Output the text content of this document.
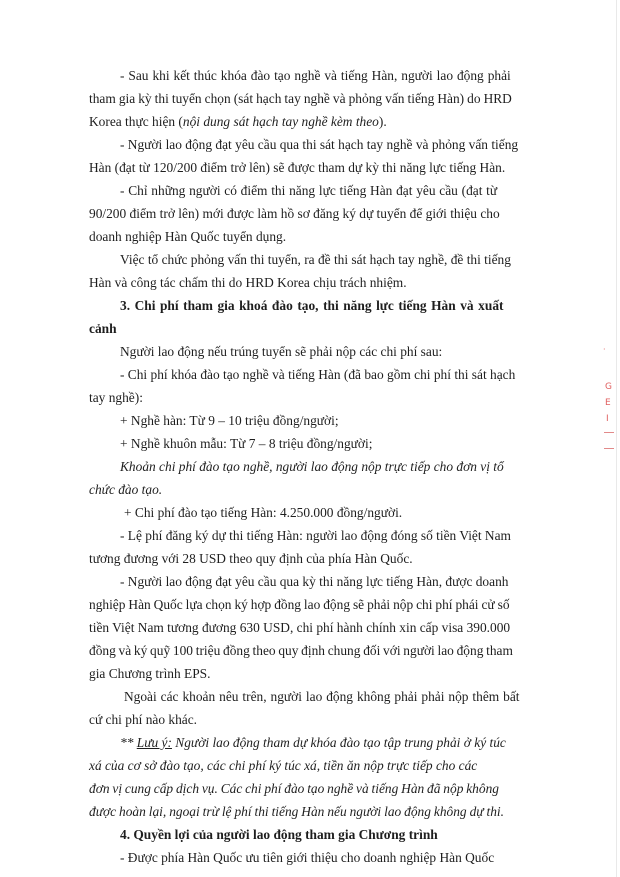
- Sau khi kết thúc khóa đào tạo nghề và tiếng Hàn, người lao động phải
tham gia kỳ thi tuyển chọn (sát hạch tay nghề và phỏng vấn tiếng Hàn) do HRD
Korea thực hiện (nội dung sát hạch tay nghề kèm theo).
- Người lao động đạt yêu cầu qua thi sát hạch tay nghề và phỏng vấn tiếng
Hàn (đạt từ 120/200 điểm trở lên) sẽ được tham dự kỳ thi năng lực tiếng Hàn.
- Chỉ những người có điểm thi năng lực tiếng Hàn đạt yêu cầu (đạt từ
90/200 điểm trở lên) mới được làm hồ sơ đăng ký dự tuyển để giới thiệu cho
doanh nghiệp Hàn Quốc tuyển dụng.
Việc tổ chức phỏng vấn thi tuyển, ra đề thi sát hạch tay nghề, đề thi tiếng
Hàn và công tác chấm thi do HRD Korea chịu trách nhiệm.
3. Chi phí tham gia khoá đào tạo, thi năng lực tiếng Hàn và xuất
cảnh
Người lao động nếu trúng tuyển sẽ phải nộp các chi phí sau:
- Chi phí khóa đào tạo nghề và tiếng Hàn (đã bao gồm chi phí thi sát hạch
tay nghề):
+ Nghề hàn: Từ 9 – 10 triệu đồng/người;
+ Nghề khuôn mẫu: Từ 7 – 8 triệu đồng/người;
Khoản chi phí đào tạo nghề, người lao động nộp trực tiếp cho đơn vị tổ
chức đào tạo.
+ Chi phí đào tạo tiếng Hàn: 4.250.000 đồng/người.
- Lệ phí đăng ký dự thi tiếng Hàn: người lao động đóng số tiền Việt Nam
tương đương với 28 USD theo quy định của phía Hàn Quốc.
- Người lao động đạt yêu cầu qua kỳ thi năng lực tiếng Hàn, được doanh
nghiệp Hàn Quốc lựa chọn ký hợp đồng lao động sẽ phải nộp chi phí phái cử số
tiền Việt Nam tương đương 630 USD, chi phí hành chính xin cấp visa 390.000
đồng và ký quỹ 100 triệu đồng theo quy định chung đối với người lao động tham
gia Chương trình EPS.
Ngoài các khoản nêu trên, người lao động không phải phải nộp thêm bất
cứ chi phí nào khác.
** Lưu ý: Người lao động tham dự khóa đào tạo tập trung phải ở ký túc
xá của cơ sở đào tạo, các chi phí ký túc xá, tiền ăn nộp trực tiếp cho các
đơn vị cung cấp dịch vụ. Các chi phí đào tạo nghề và tiếng Hàn đã nộp không
được hoàn lại, ngoại trừ lệ phí thi tiếng Hàn nếu người lao động không dự thi.
4. Quyền lợi của người lao động tham gia Chương trình
- Được phía Hàn Quốc ưu tiên giới thiệu cho doanh nghiệp Hàn Quốc
·
G
E
I
